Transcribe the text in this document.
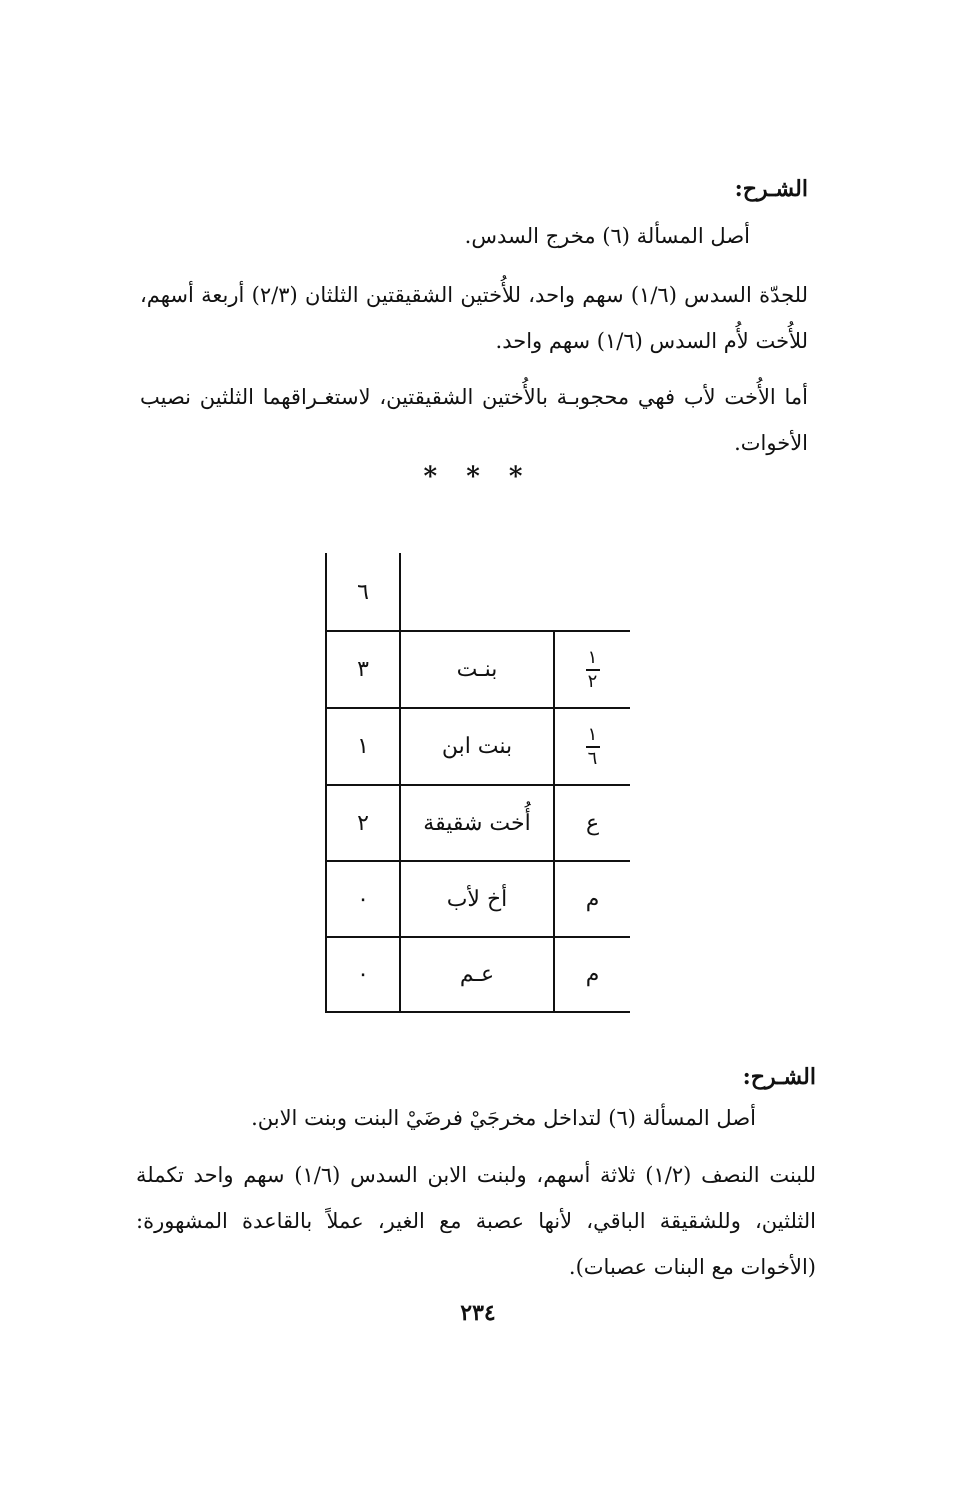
الشـرح:
أصل المسألة (٦) مخرج السدس.
للجدّة السدس (١/٦) سهم واحد، للأُختين الشقيقتين الثلثان (٢/٣) أربعة أسهم، للأُخت لأُم السدس (١/٦) سهم واحد.
أما الأُخت لأب فهي محجوبـة بالأُختين الشقيقتين، لاستغـراقهما الثلثين نصيب الأخوات.
* * *
٦
٣	بنـت	$\frac{١}{٢}$
١	بنت ابن	$\frac{١}{٦}$
٢	أُخت شقيقة	ع
٠	أخ لأب	م
٠	عـم	م
الشـرح:
أصل المسألة (٦) لتداخل مخرجَيْ فرضَيْ البنت وبنت الابن.
للبنت النصف (١/٢) ثلاثة أسهم، ولبنت الابن السدس (١/٦) سهم واحد تكملة الثلثين، وللشقيقة الباقي، لأنها عصبة مع الغير، عملاً بالقاعدة المشهورة: (الأخوات مع البنات عصبات).
٢٣٤
